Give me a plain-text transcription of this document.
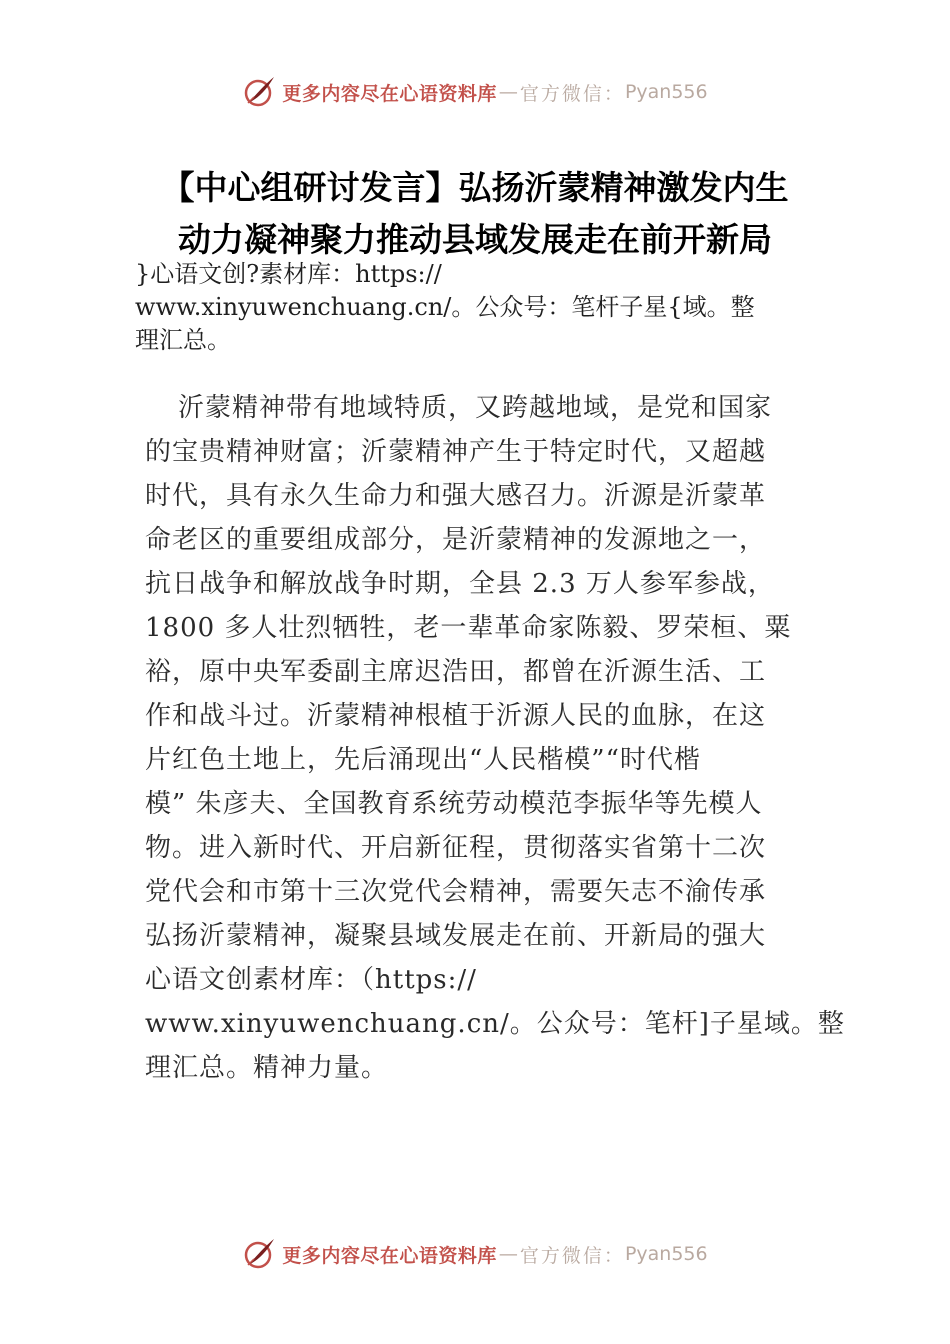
更多内容尽在心语资料库 — 官方微信： Pyan556
【中心组研讨发言】弘扬沂蒙精神激发内生
动力凝神聚力推动县域发展走在前开新局

}心语文创?素材库：https://
www.xinyuwenchuang.cn/。公众号：笔杆子星{域。整
理汇总。

沂蒙精神带有地域特质，又跨越地域，是党和国家
的宝贵精神财富；沂蒙精神产生于特定时代，又超越
时代，具有永久生命力和强大感召力。沂源是沂蒙革
命老区的重要组成部分，是沂蒙精神的发源地之一，
抗日战争和解放战争时期，全县 2.3 万人参军参战，
1800 多人壮烈牺牲，老一辈革命家陈毅、罗荣桓、粟
裕，原中央军委副主席迟浩田，都曾在沂源生活、工
作和战斗过。沂蒙精神根植于沂源人民的血脉，在这
片红色土地上，先后涌现出“人民楷模”“时代楷
模” 朱彦夫、全国教育系统劳动模范李振华等先模人
物。进入新时代、开启新征程，贯彻落实省第十二次
党代会和市第十三次党代会精神，需要矢志不渝传承
弘扬沂蒙精神，凝聚县域发展走在前、开新局的强大
心语文创素材库：（https://
www.xinyuwenchuang.cn/。公众号：笔杆]子星域。整
理汇总。精神力量。

更多内容尽在心语资料库 — 官方微信： Pyan556
